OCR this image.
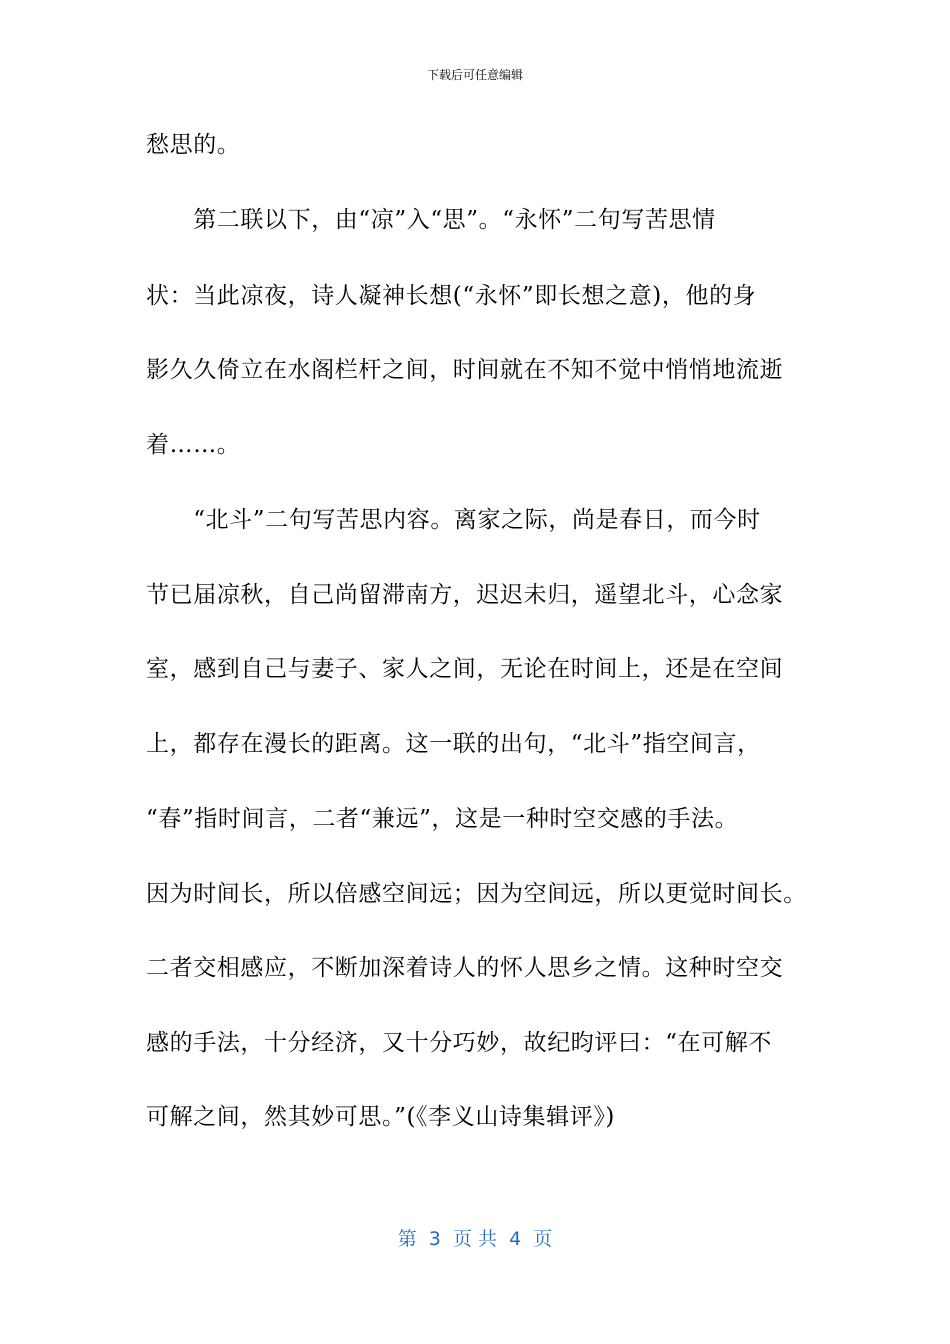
下载后可任意编辑
愁思的。
　　第二联以下，由“凉”入“思”。“永怀”二句写苦思情
状：当此凉夜，诗人凝神长想(“永怀”即长想之意)，他的身
影久久倚立在水阁栏杆之间，时间就在不知不觉中悄悄地流逝
着……。
　　“北斗”二句写苦思内容。离家之际，尚是春日，而今时
节已届凉秋，自己尚留滞南方，迟迟未归，遥望北斗，心念家
室，感到自己与妻子、家人之间，无论在时间上，还是在空间
上，都存在漫长的距离。这一联的出句，“北斗”指空间言，
“春”指时间言，二者“兼远”，这是一种时空交感的手法。
因为时间长，所以倍感空间远；因为空间远，所以更觉时间长。
二者交相感应，不断加深着诗人的怀人思乡之情。这种时空交
感的手法，十分经济，又十分巧妙，故纪昀评曰：“在可解不
可解之间，然其妙可思。”(《李义山诗集辑评》)
第  3  页 共  4  页
